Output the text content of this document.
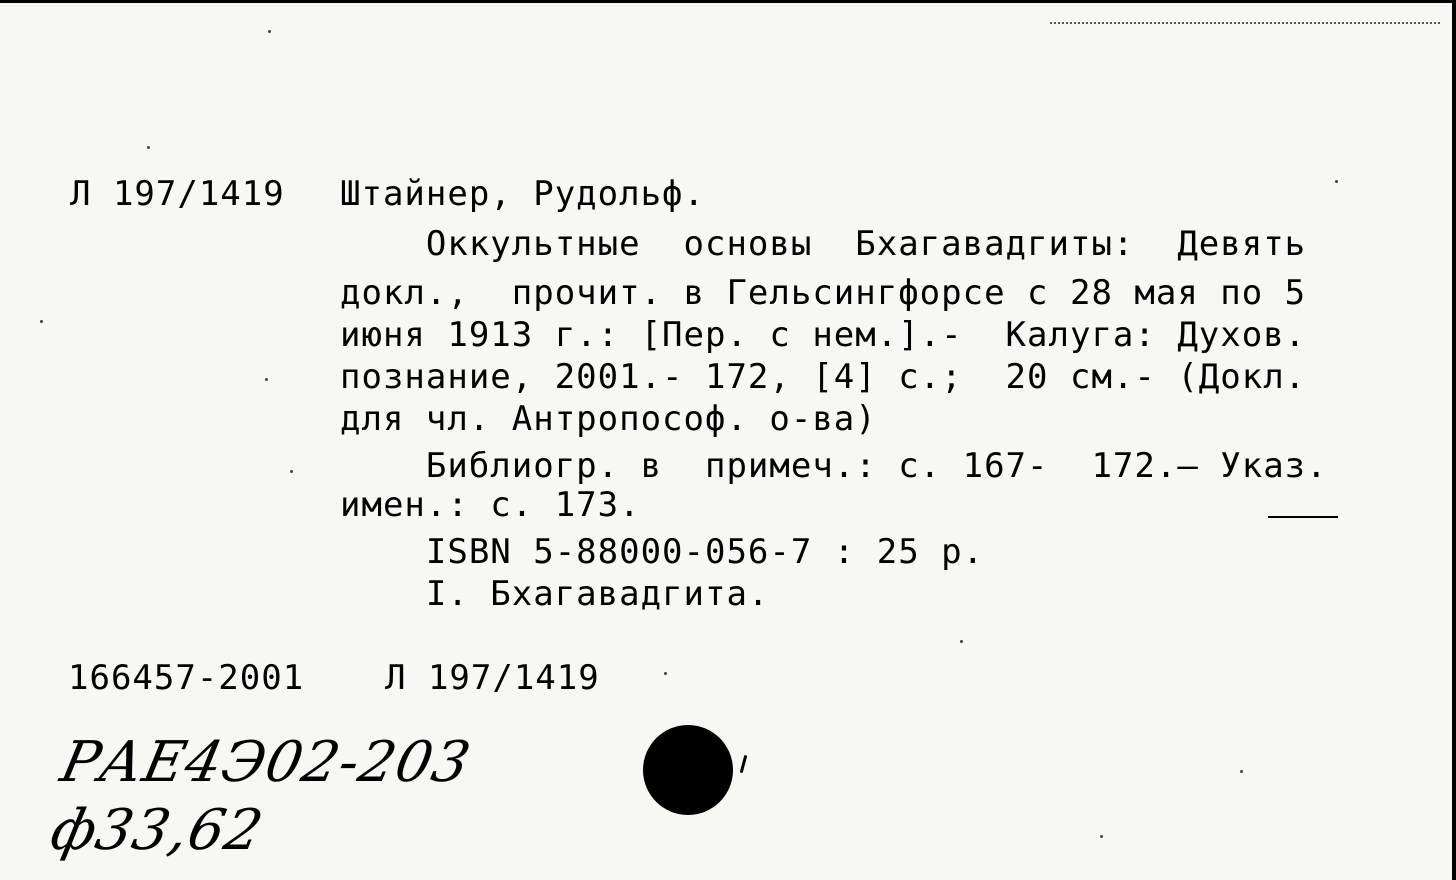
Л 197/1419 Штайнер, Рудольф.
Оккультные  основы  Бхагавадгиты:  Девять
докл.,  прочит. в Гельсингфорсе с 28 мая по 5
июня 1913 г.: [Пер. с нем.].-  Калуга: Духов.
познание, 2001.- 172, [4] с.;  20 см.- (Докл.
для чл. Антропософ. о-ва)
Библиогр. в  примеч.: с. 167-  172.— Указ.
имен.: с. 173.
ISBN 5-88000-056-7 : 25 р.
I. Бхагавадгита.
166457-2001 Л 197/1419
РАЕ4Э02-203
ф33,62
